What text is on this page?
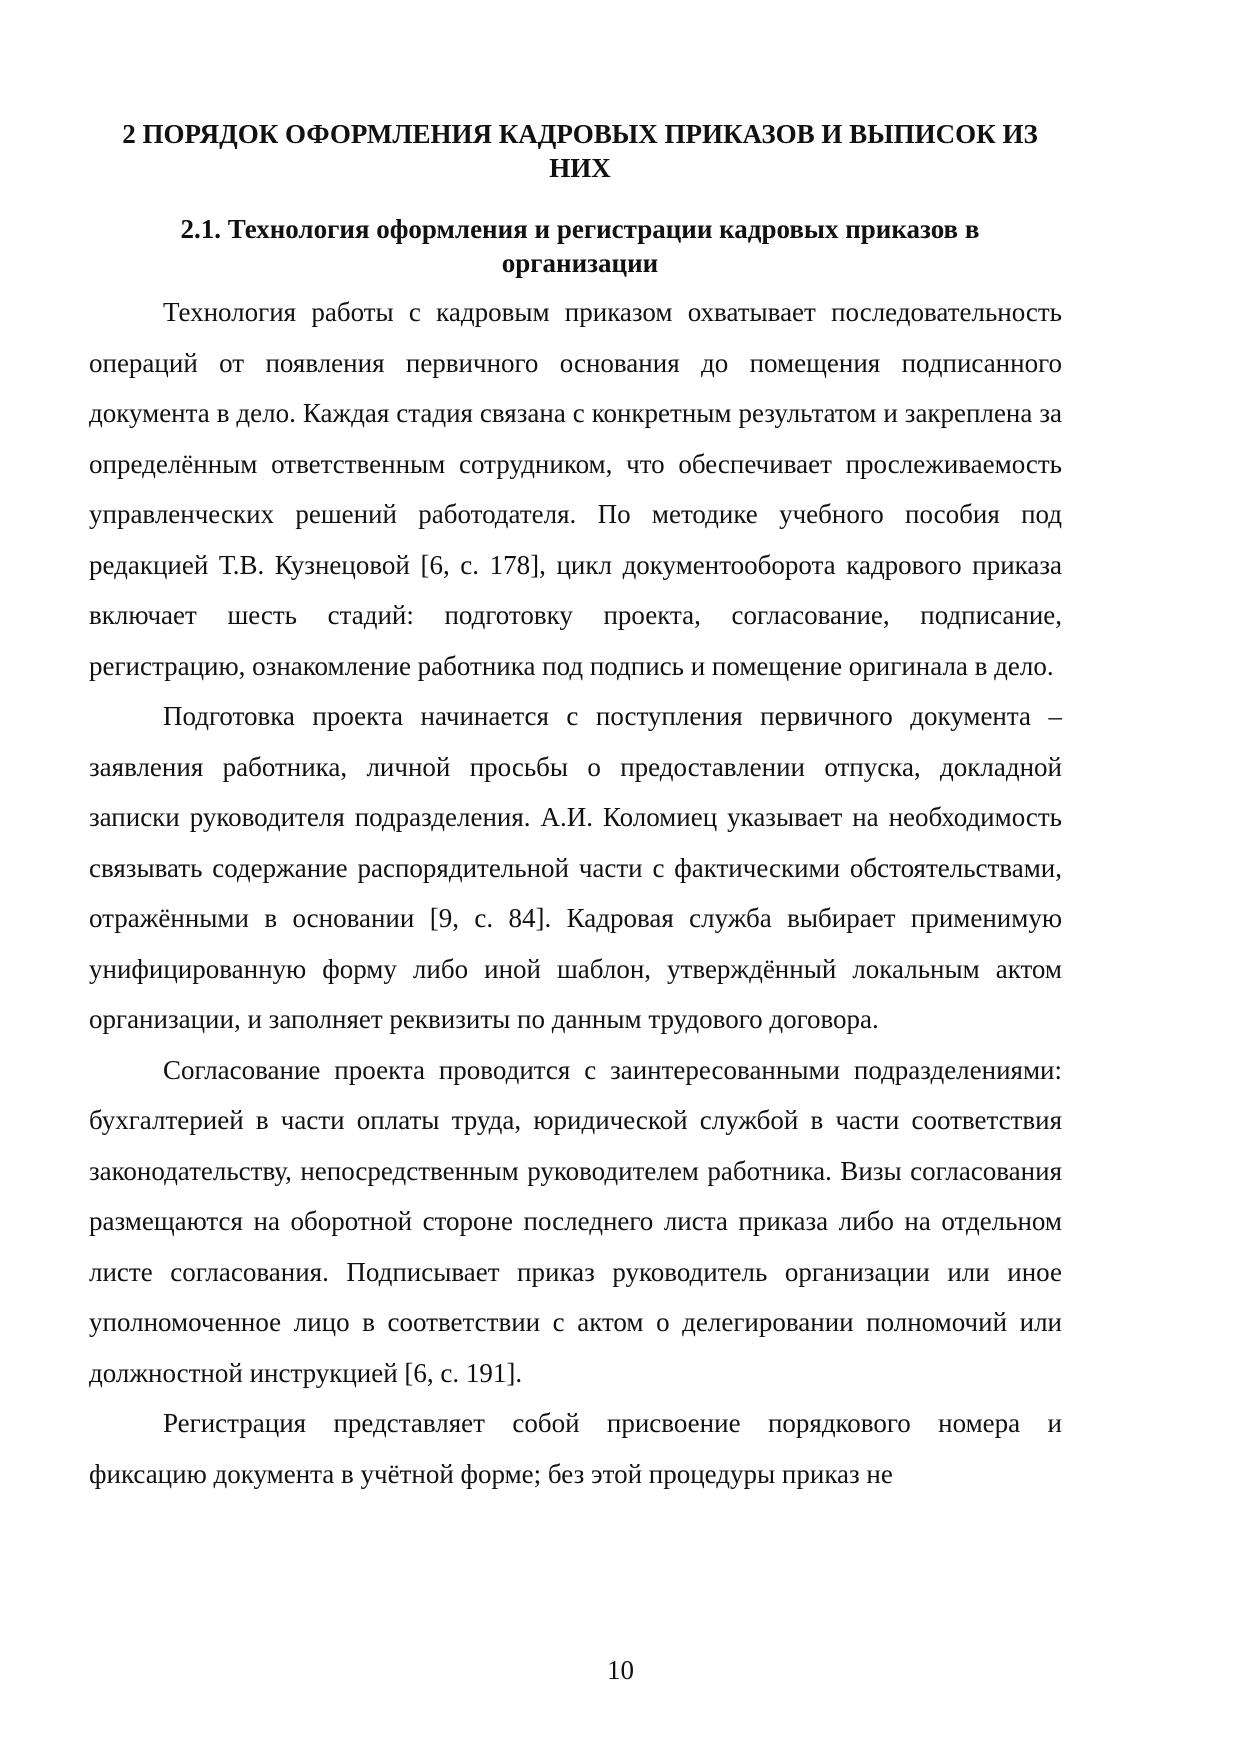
2 ПОРЯДОК ОФОРМЛЕНИЯ КАДРОВЫХ ПРИКАЗОВ И ВЫПИСОК ИЗ НИХ
2.1. Технология оформления и регистрации кадровых приказов в организации

Технология работы с кадровым приказом охватывает последовательность операций от появления первичного основания до помещения подписанного документа в дело. Каждая стадия связана с конкретным результатом и закреплена за определённым ответственным сотрудником, что обеспечивает прослеживаемость управленческих решений работодателя. По методике учебного пособия под редакцией Т.В. Кузнецовой [6, с. 178], цикл документооборота кадрового приказа включает шесть стадий: подготовку проекта, согласование, подписание, регистрацию, ознакомление работника под подпись и помещение оригинала в дело.

Подготовка проекта начинается с поступления первичного документа – заявления работника, личной просьбы о предоставлении отпуска, докладной записки руководителя подразделения. А.И. Коломиец указывает на необходимость связывать содержание распорядительной части с фактическими обстоятельствами, отражёнными в основании [9, с. 84]. Кадровая служба выбирает применимую унифицированную форму либо иной шаблон, утверждённый локальным актом организации, и заполняет реквизиты по данным трудового договора.

Согласование проекта проводится с заинтересованными подразделениями: бухгалтерией в части оплаты труда, юридической службой в части соответствия законодательству, непосредственным руководителем работника. Визы согласования размещаются на оборотной стороне последнего листа приказа либо на отдельном листе согласования. Подписывает приказ руководитель организации или иное уполномоченное лицо в соответствии с актом о делегировании полномочий или должностной инструкцией [6, с. 191].

Регистрация представляет собой присвоение порядкового номера и фиксацию документа в учётной форме; без этой процедуры приказ не

10
